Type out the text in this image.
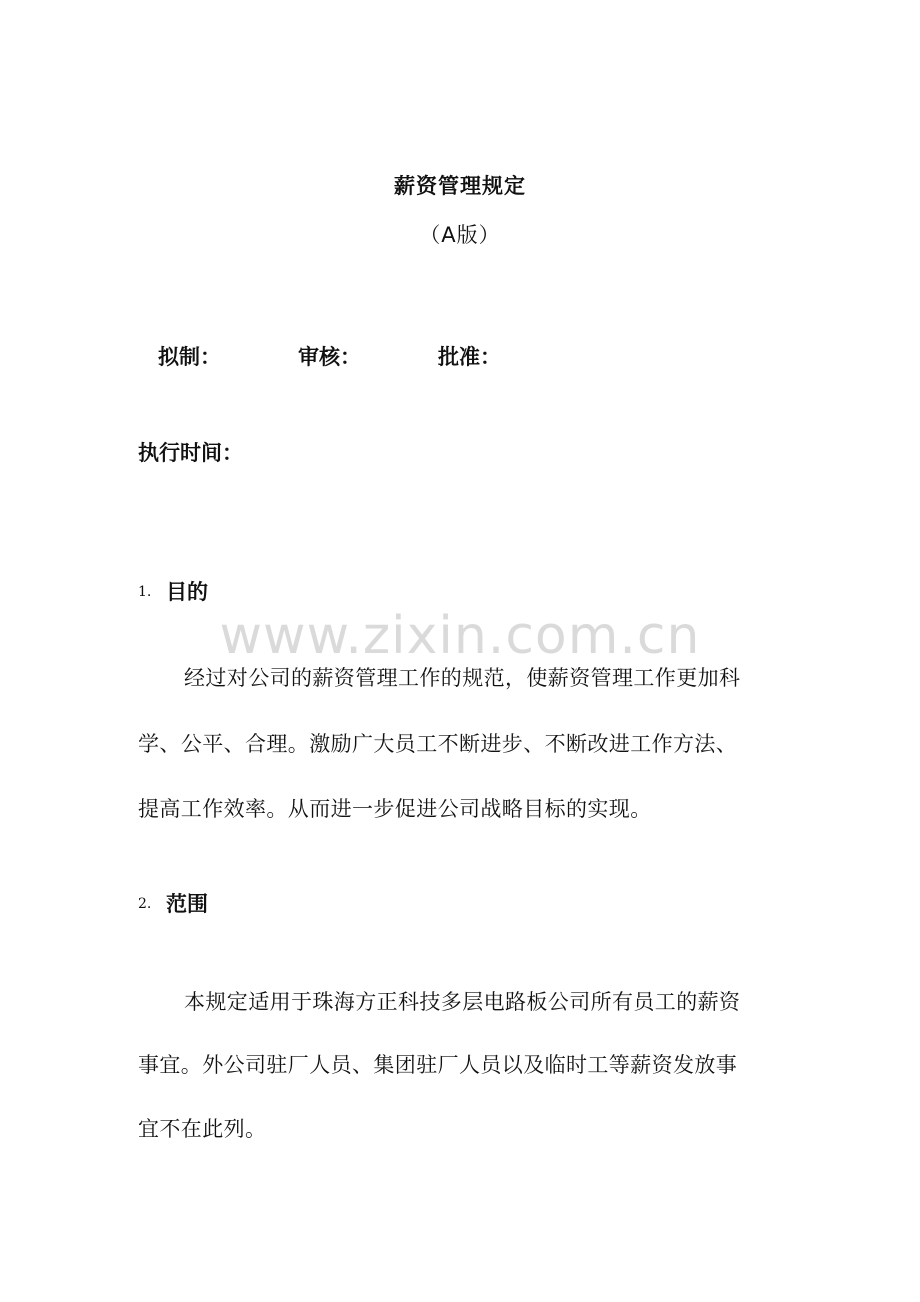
www.zixin.com.cn
薪资管理规定
（A版）
拟制：	审核：	批准：
执行时间：
1. 目的
经过对公司的薪资管理工作的规范，使薪资管理工作更加科
学、公平、合理。激励广大员工不断进步、不断改进工作方法、
提高工作效率。从而进一步促进公司战略目标的实现。
2. 范围
本规定适用于珠海方正科技多层电路板公司所有员工的薪资
事宜。外公司驻厂人员、集团驻厂人员以及临时工等薪资发放事
宜不在此列。
